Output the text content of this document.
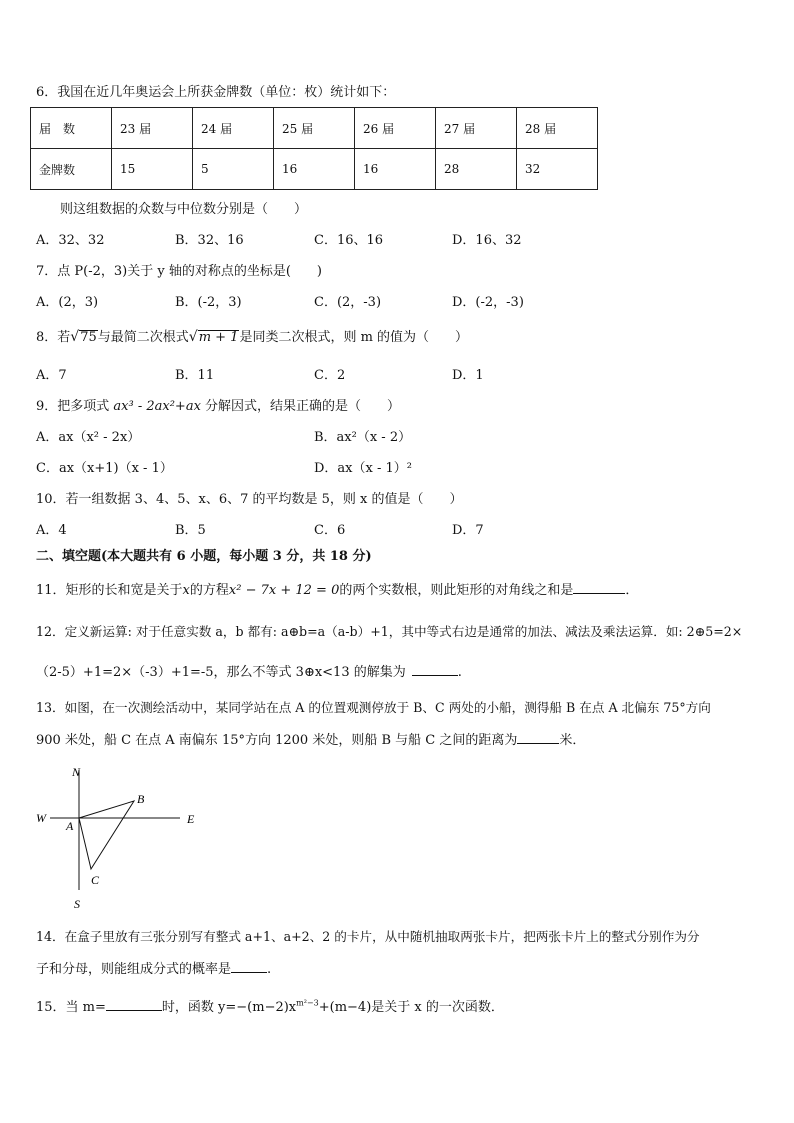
6．我国在近几年奥运会上所获金牌数（单位：枚）统计如下：
届　数	23 届	24 届	25 届	26 届	27 届	28 届
金牌数	15	5	16	16	28	32
则这组数据的众数与中位数分别是（　　）
A．32、32	B．32、16	C．16、16	D．16、32
7．点 P(-2，3)关于 y 轴的对称点的坐标是(　　)
A．(2，3)	B．(-2，3)	C．(2，-3)	D．(-2，-3)
8．若√75与最简二次根式√m + 1是同类二次根式，则 m 的值为（　　）
A．7	B．11	C．2	D．1
9．把多项式 ax³ - 2ax²+ax 分解因式，结果正确的是（　　）
A．ax（x² - 2x）	B．ax²（x - 2）
C．ax（x+1)（x - 1）	D．ax（x - 1）²
10．若一组数据 3、4、5、x、6、7 的平均数是 5，则 x 的值是（　　）
A．4	B．5	C．6	D．7
二、填空题(本大题共有 6 小题，每小题 3 分，共 18 分)
11．矩形的长和宽是关于x的方程x² − 7x + 12 = 0的两个实数根，则此矩形的对角线之和是	．
12．定义新运算: 对于任意实数 a，b 都有: a⊕b=a（a-b）+1，其中等式右边是通常的加法、减法及乘法运算．如: 2⊕5=2×
（2-5）+1=2×（-3）+1=-5，那么不等式 3⊕x<13 的解集为	.
13．如图，在一次测绘活动中，某同学站在点 A 的位置观测停放于 B、C 两处的小船，测得船 B 在点 A 北偏东 75°方向
900 米处，船 C 在点 A 南偏东 15°方向 1200 米处，则船 B 与船 C 之间的距离为	米．
N
S
W	E
A
B
C
14．在盒子里放有三张分别写有整式 a+1、a+2、2 的卡片，从中随机抽取两张卡片，把两张卡片上的整式分别作为分
子和分母，则能组成分式的概率是	.
15．当 m=	时，函数 $y=-(m-2)x^{m^2-3}+(m-4)$是关于 x 的一次函数．
